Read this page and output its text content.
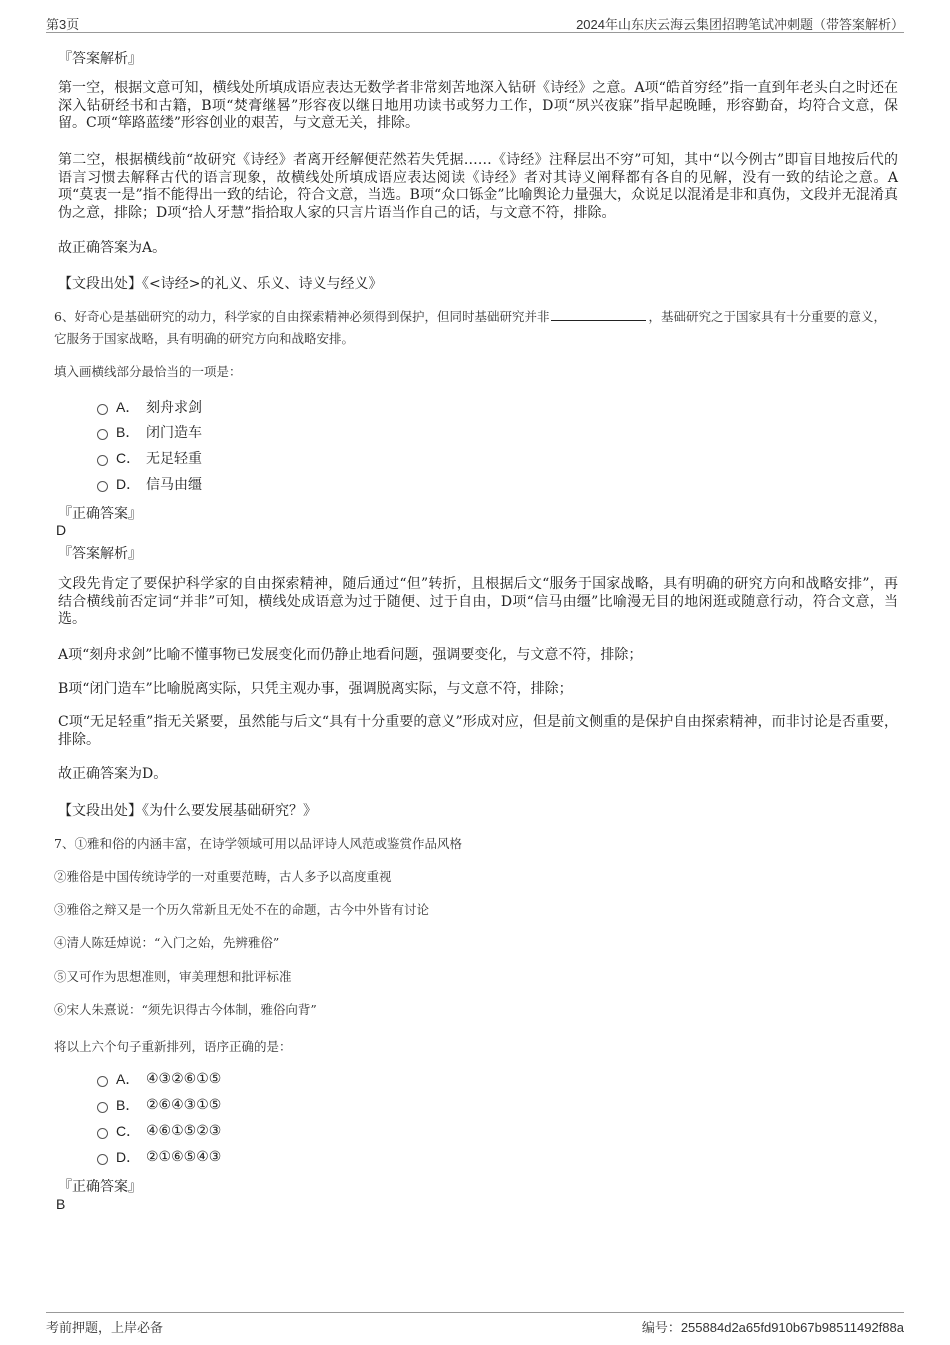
第3页	2024年山东庆云海云集团招聘笔试冲刺题（带答案解析）
『答案解析』
第一空，根据文意可知，横线处所填成语应表达无数学者非常刻苦地深入钻研《诗经》之意。A项“皓首穷经”指一直到年老头白之时还在深入钻研经书和古籍，B项“焚膏继晷”形容夜以继日地用功读书或努力工作，D项“夙兴夜寐”指早起晚睡，形容勤奋，均符合文意，保留。C项“筚路蓝缕”形容创业的艰苦，与文意无关，排除。
第二空，根据横线前“故研究《诗经》者离开经解便茫然若失凭据……《诗经》注释层出不穷”可知，其中“以今例古”即盲目地按后代的语言习惯去解释古代的语言现象，故横线处所填成语应表达阅读《诗经》者对其诗义阐释都有各自的见解，没有一致的结论之意。A项“莫衷一是”指不能得出一致的结论，符合文意，当选。B项“众口铄金”比喻舆论力量强大，众说足以混淆是非和真伪，文段并无混淆真伪之意，排除；D项“拾人牙慧”指拾取人家的只言片语当作自己的话，与文意不符，排除。
故正确答案为A。
【文段出处】《<诗经>的礼义、乐义、诗义与经义》
6、好奇心是基础研究的动力，科学家的自由探索精神必须得到保护，但同时基础研究并非	，基础研究之于国家具有十分重要的意义，它服务于国家战略，具有明确的研究方向和战略安排。
填入画横线部分最恰当的一项是：
A． 刻舟求剑
B． 闭门造车
C． 无足轻重
D． 信马由缰
『正确答案』
D
『答案解析』
文段先肯定了要保护科学家的自由探索精神，随后通过“但”转折，且根据后文“服务于国家战略，具有明确的研究方向和战略安排”，再结合横线前否定词“并非”可知，横线处成语意为过于随便、过于自由，D项“信马由缰”比喻漫无目的地闲逛或随意行动，符合文意，当选。
A项“刻舟求剑”比喻不懂事物已发展变化而仍静止地看问题，强调要变化，与文意不符，排除；
B项“闭门造车”比喻脱离实际，只凭主观办事，强调脱离实际，与文意不符，排除；
C项“无足轻重”指无关紧要，虽然能与后文“具有十分重要的意义”形成对应，但是前文侧重的是保护自由探索精神，而非讨论是否重要，排除。
故正确答案为D。
【文段出处】《为什么要发展基础研究？》
7、①雅和俗的内涵丰富，在诗学领域可用以品评诗人风范或鉴赏作品风格
②雅俗是中国传统诗学的一对重要范畴，古人多予以高度重视
③雅俗之辩又是一个历久常新且无处不在的命题，古今中外皆有讨论
④清人陈廷焯说：“入门之始，先辨雅俗”
⑤又可作为思想准则，审美理想和批评标准
⑥宋人朱熹说：“须先识得古今体制，雅俗向背”
将以上六个句子重新排列，语序正确的是：
A． ④③②⑥①⑤
B． ②⑥④③①⑤
C． ④⑥①⑤②③
D． ②①⑥⑤④③
『正确答案』
B
考前押题，上岸必备	编号：255884d2a65fd910b67b98511492f88a
